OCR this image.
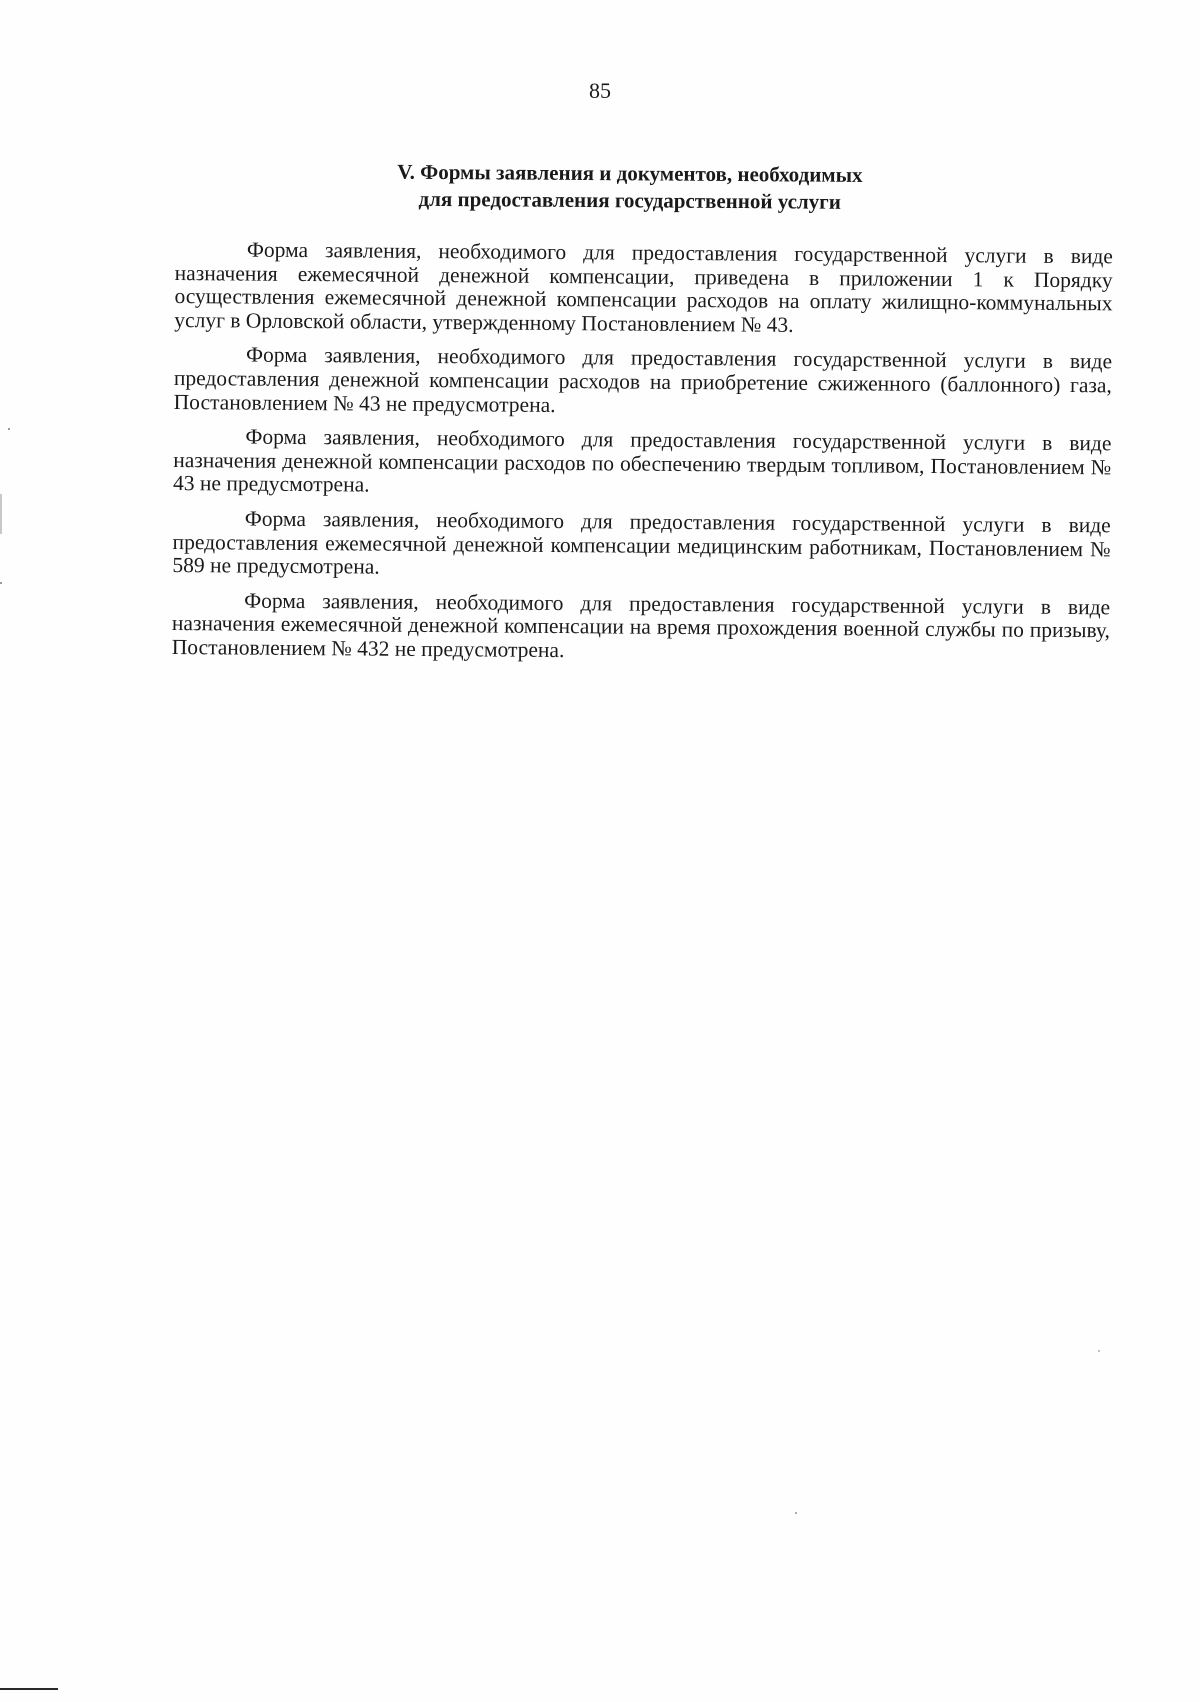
85
V. Формы заявления и документов, необходимых
для предоставления государственной услуги

Форма заявления, необходимого для предоставления государственной услуги в виде назначения ежемесячной денежной компенсации, приведена в приложении 1 к Порядку осуществления ежемесячной денежной компенсации расходов на оплату жилищно-коммунальных услуг в Орловской области, утвержденному Постановлением № 43.

Форма заявления, необходимого для предоставления государственной услуги в виде предоставления денежной компенсации расходов на приобретение сжиженного (баллонного) газа, Постановлением № 43 не предусмотрена.

Форма заявления, необходимого для предоставления государственной услуги в виде назначения денежной компенсации расходов по обеспечению твердым топливом, Постановлением № 43 не предусмотрена.

Форма заявления, необходимого для предоставления государственной услуги в виде предоставления ежемесячной денежной компенсации медицинским работникам, Постановлением № 589 не предусмотрена.

Форма заявления, необходимого для предоставления государственной услуги в виде назначения ежемесячной денежной компенсации на время прохождения военной службы по призыву, Постановлением № 432 не предусмотрена.
